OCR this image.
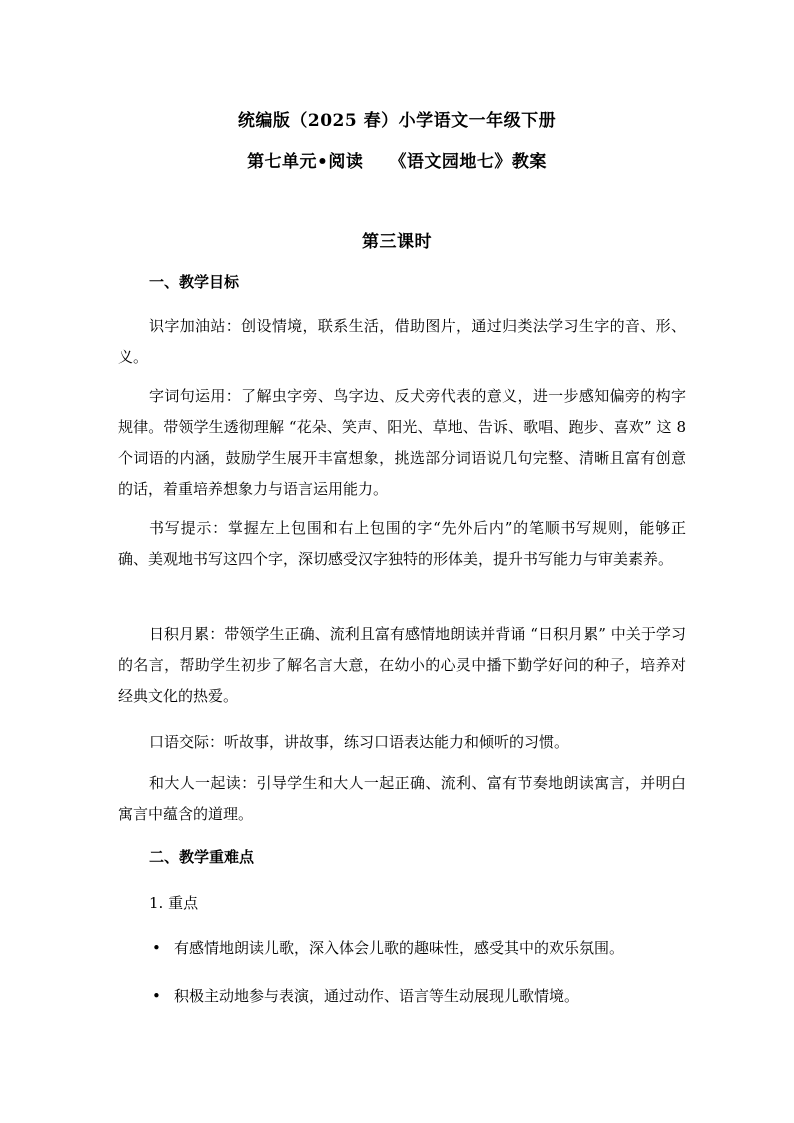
统编版（2025 春）小学语文一年级下册
第七单元•阅读 《语文园地七》教案
第三课时
一、教学目标
识字加油站：创设情境，联系生活，借助图片，通过归类法学习生字的音、形、义。
字词句运用：了解虫字旁、鸟字边、反犬旁代表的意义，进一步感知偏旁的构字规律。带领学生透彻理解 “花朵、笑声、阳光、草地、告诉、歌唱、跑步、喜欢” 这 8 个词语的内涵，鼓励学生展开丰富想象，挑选部分词语说几句完整、清晰且富有创意的话，着重培养想象力与语言运用能力。
书写提示：掌握左上包围和右上包围的字“先外后内”的笔顺书写规则，能够正确、美观地书写这四个字，深切感受汉字独特的形体美，提升书写能力与审美素养。
日积月累：带领学生正确、流利且富有感情地朗读并背诵 “日积月累” 中关于学习的名言，帮助学生初步了解名言大意，在幼小的心灵中播下勤学好问的种子，培养对经典文化的热爱。
口语交际：听故事，讲故事，练习口语表达能力和倾听的习惯。
和大人一起读：引导学生和大人一起正确、流利、富有节奏地朗读寓言，并明白寓言中蕴含的道理。
二、教学重难点
1. 重点
• 有感情地朗读儿歌，深入体会儿歌的趣味性，感受其中的欢乐氛围。
• 积极主动地参与表演，通过动作、语言等生动展现儿歌情境。
